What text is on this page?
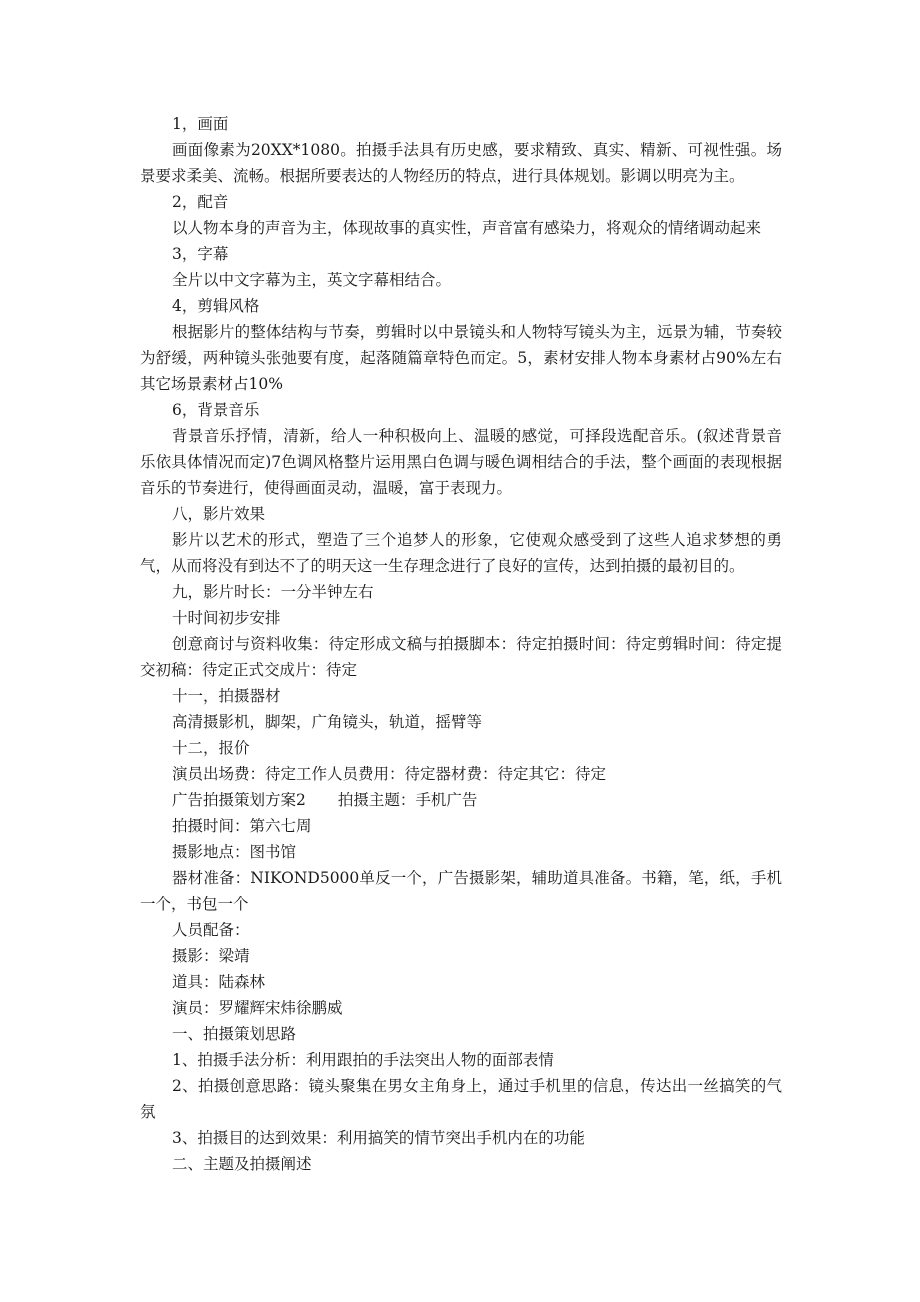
1，画面

画面像素为20XX*1080。拍摄手法具有历史感，要求精致、真实、精新、可视性强。场景要求柔美、流畅。根据所要表达的人物经历的特点，进行具体规划。影调以明亮为主。

2，配音

以人物本身的声音为主，体现故事的真实性，声音富有感染力，将观众的情绪调动起来

3，字幕

全片以中文字幕为主，英文字幕相结合。

4，剪辑风格

根据影片的整体结构与节奏，剪辑时以中景镜头和人物特写镜头为主，远景为辅，节奏较为舒缓，两种镜头张弛要有度，起落随篇章特色而定。5，素材安排人物本身素材占90%左右其它场景素材占10%

6，背景音乐

背景音乐抒情，清新，给人一种积极向上、温暖的感觉，可择段选配音乐。(叙述背景音乐依具体情况而定)7色调风格整片运用黑白色调与暖色调相结合的手法，整个画面的表现根据音乐的节奏进行，使得画面灵动，温暖，富于表现力。

八，影片效果

影片以艺术的形式，塑造了三个追梦人的形象，它使观众感受到了这些人追求梦想的勇气，从而将没有到达不了的明天这一生存理念进行了良好的宣传，达到拍摄的最初目的。

九，影片时长：一分半钟左右

十时间初步安排

创意商讨与资料收集：待定形成文稿与拍摄脚本：待定拍摄时间：待定剪辑时间：待定提交初稿：待定正式交成片：待定

十一，拍摄器材

高清摄影机，脚架，广角镜头，轨道，摇臂等

十二，报价

演员出场费：待定工作人员费用：待定器材费：待定其它：待定

广告拍摄策划方案2 拍摄主题：手机广告

拍摄时间：第六七周

摄影地点：图书馆

器材准备：NIKOND5000单反一个，广告摄影架，辅助道具准备。书籍，笔，纸，手机一个，书包一个

人员配备：

摄影：梁靖

道具：陆森林

演员：罗耀辉宋炜徐鹏威

一、拍摄策划思路

1、拍摄手法分析：利用跟拍的手法突出人物的面部表情

2、拍摄创意思路：镜头聚集在男女主角身上，通过手机里的信息，传达出一丝搞笑的气氛

3、拍摄目的达到效果：利用搞笑的情节突出手机内在的功能

二、主题及拍摄阐述
